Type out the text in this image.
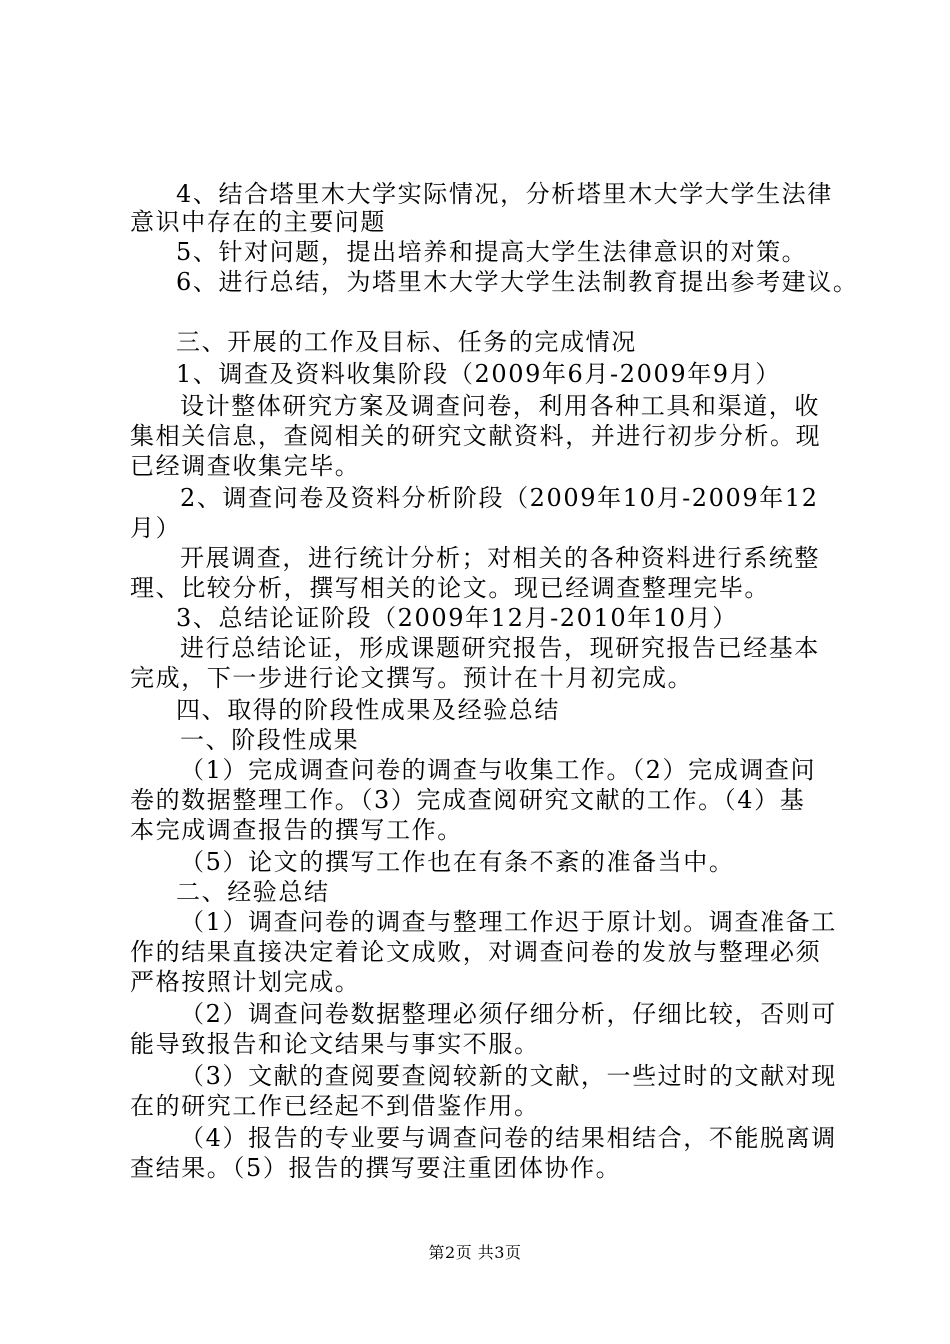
4、结合塔里木大学实际情况，分析塔里木大学大学生法律
意识中存在的主要问题
5、针对问题，提出培养和提高大学生法律意识的对策。
6、进行总结，为塔里木大学大学生法制教育提出参考建议。
三、开展的工作及目标、任务的完成情况
1、调查及资料收集阶段（2009年6月-2009年9月）
设计整体研究方案及调查问卷，利用各种工具和渠道，收
集相关信息，查阅相关的研究文献资料，并进行初步分析。现
已经调查收集完毕。
2、调查问卷及资料分析阶段（2009年10月-2009年12
月）
开展调查，进行统计分析；对相关的各种资料进行系统整
理、比较分析，撰写相关的论文。现已经调查整理完毕。
3、总结论证阶段（2009年12月-2010年10月）
进行总结论证，形成课题研究报告，现研究报告已经基本
完成，下一步进行论文撰写。预计在十月初完成。
四、取得的阶段性成果及经验总结
一、阶段性成果
（1）完成调查问卷的调查与收集工作。（2）完成调查问
卷的数据整理工作。（3）完成查阅研究文献的工作。（4）基
本完成调查报告的撰写工作。
（5）论文的撰写工作也在有条不紊的准备当中。
二、经验总结
（1）调查问卷的调查与整理工作迟于原计划。调查准备工
作的结果直接决定着论文成败，对调查问卷的发放与整理必须
严格按照计划完成。
（2）调查问卷数据整理必须仔细分析，仔细比较，否则可
能导致报告和论文结果与事实不服。
（3）文献的查阅要查阅较新的文献，一些过时的文献对现
在的研究工作已经起不到借鉴作用。
（4）报告的专业要与调查问卷的结果相结合，不能脱离调
查结果。（5）报告的撰写要注重团体协作。
第2页 共3页
